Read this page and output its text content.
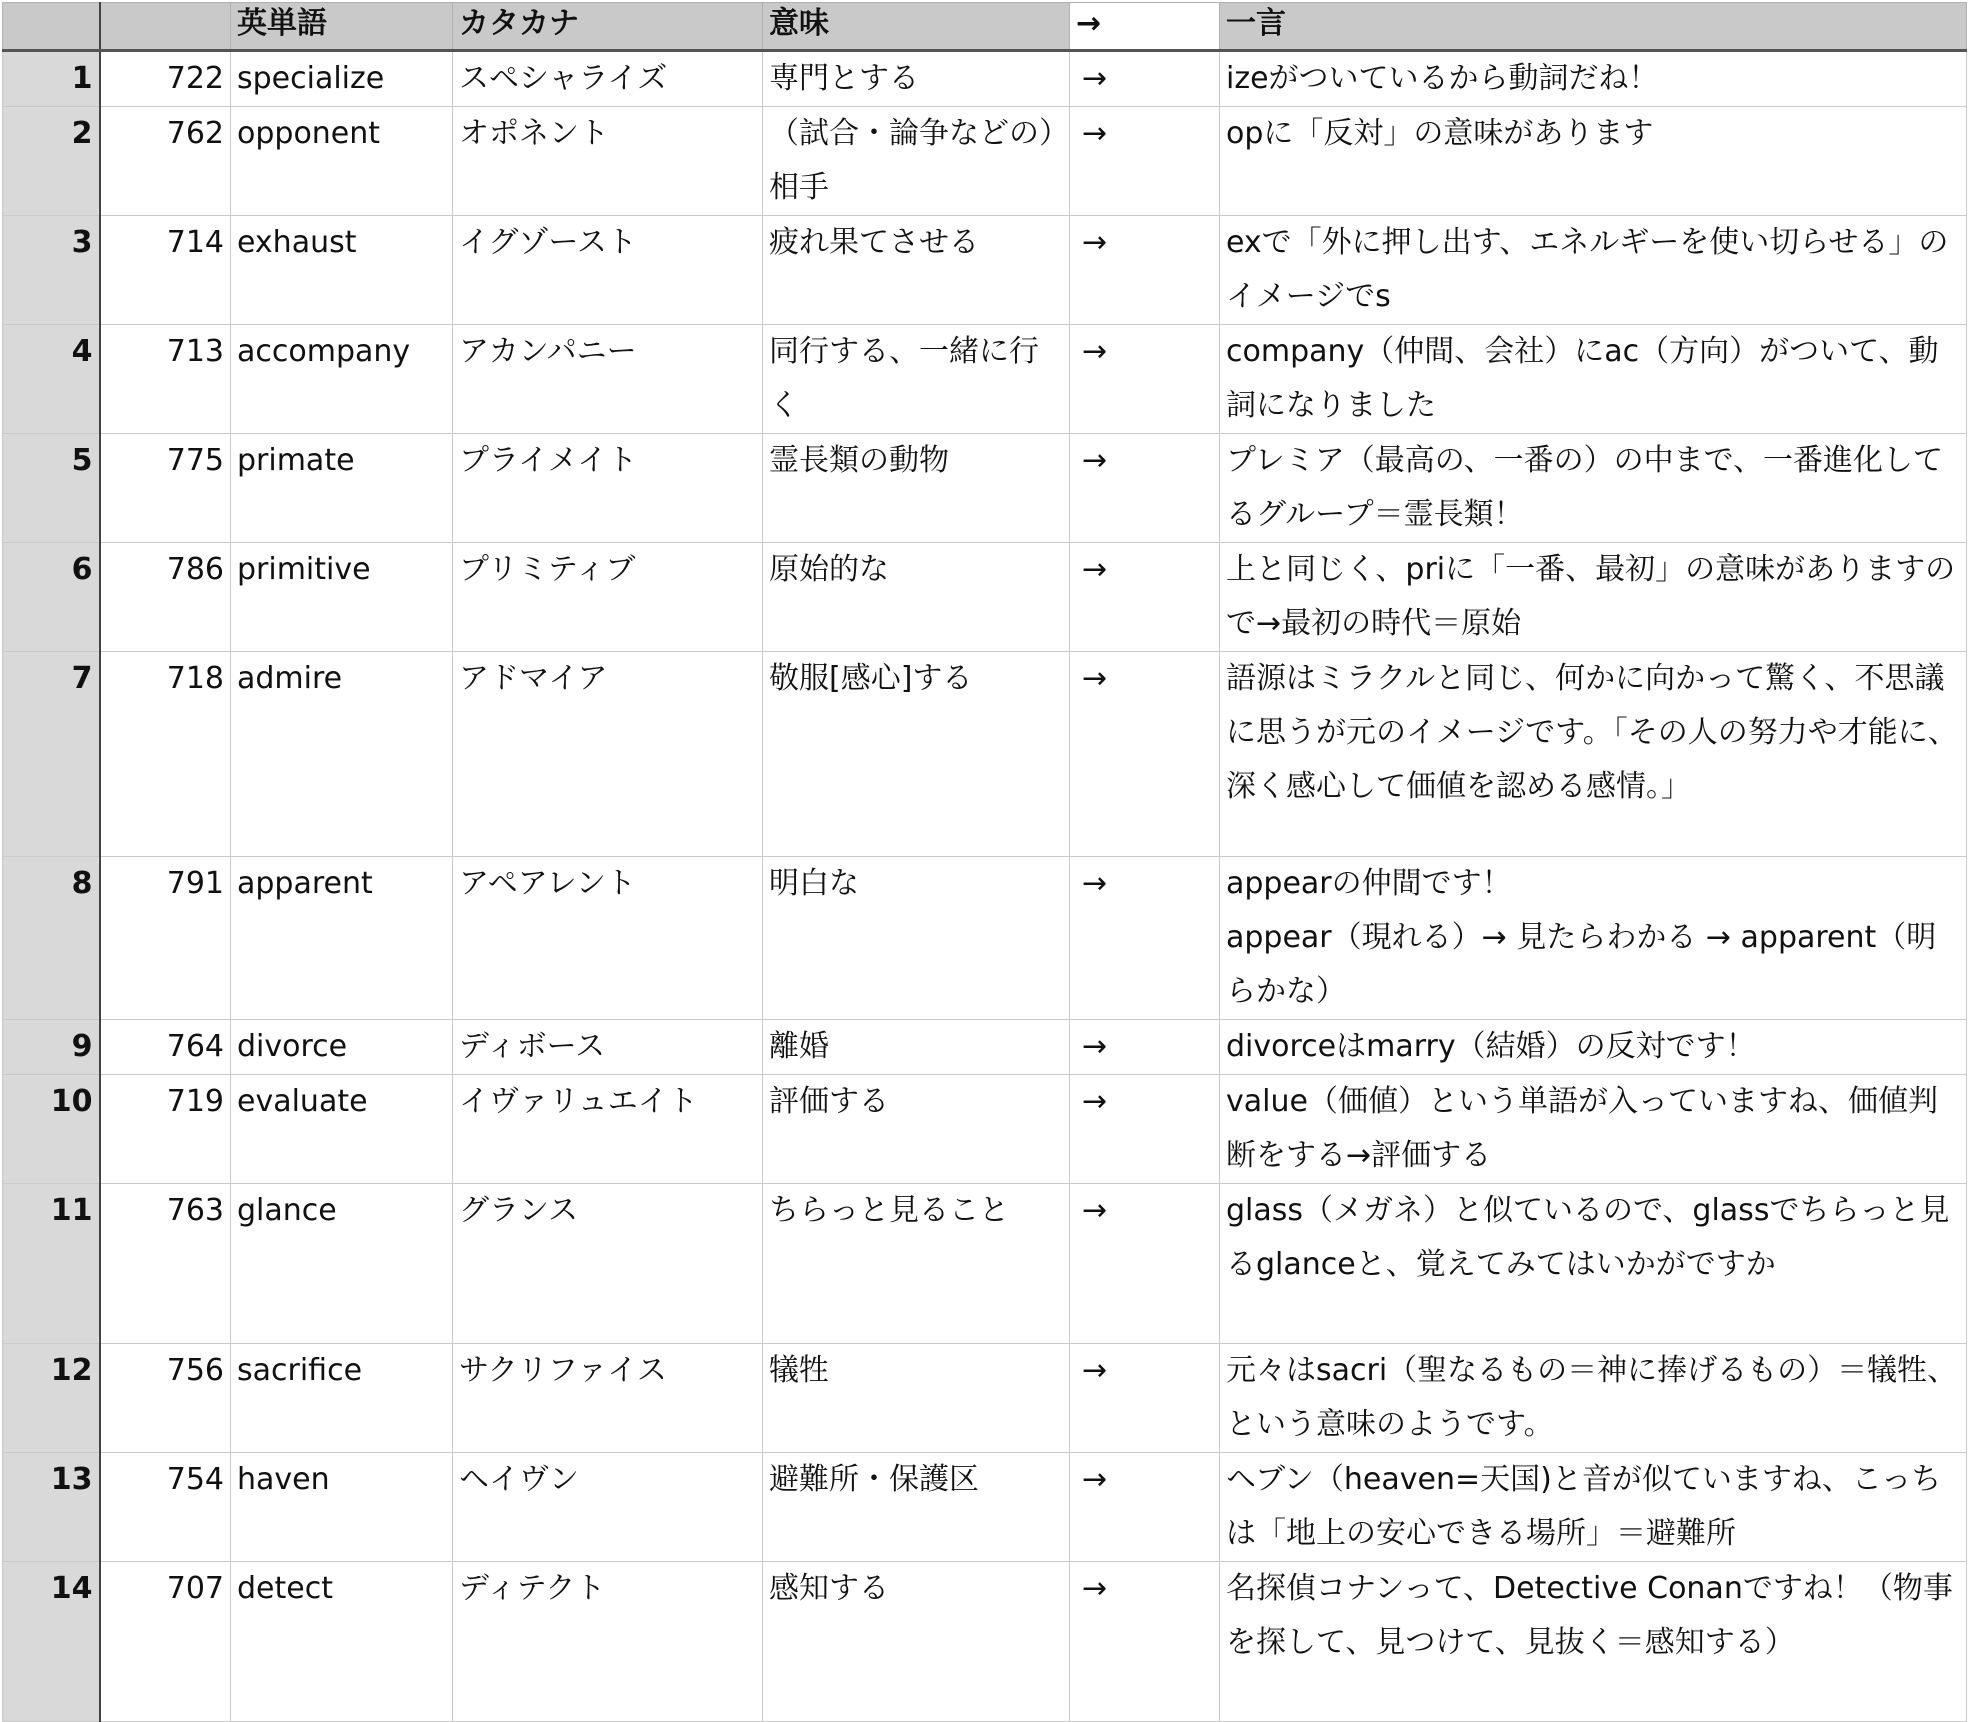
		英単語	カタカナ	意味	→	一言
1	722	specialize	スペシャライズ	専門とする	→	izeがついているから動詞だね！
2	762	opponent	オポネント	（試合・論争などの）相手	→	opに「反対」の意味があります
3	714	exhaust	イグゾースト	疲れ果てさせる	→	exで「外に押し出す、エネルギーを使い切らせる」のイメージでs
4	713	accompany	アカンパニー	同行する、一緒に行く	→	company（仲間、会社）にac（方向）がついて、動詞になりました
5	775	primate	プライメイト	霊長類の動物	→	プレミア（最高の、一番の）の中まで、一番進化してるグループ＝霊長類！
6	786	primitive	プリミティブ	原始的な	→	上と同じく、priに「一番、最初」の意味がありますので→最初の時代＝原始
7	718	admire	アドマイア	敬服[感心]する	→	語源はミラクルと同じ、何かに向かって驚く、不思議に思うが元のイメージです。「その人の努力や才能に、深く感心して価値を認める感情。」
8	791	apparent	アペアレント	明白な	→	appearの仲間です！
appear（現れる）→ 見たらわかる → apparent（明らかな）

9	764	divorce	ディボース	離婚	→	divorceはmarry（結婚）の反対です！
10	719	evaluate	イヴァリュエイト	評価する	→	value（価値）という単語が入っていますね、価値判断をする→評価する
11	763	glance	グランス	ちらっと見ること	→	glass（メガネ）と似ているので、glassでちらっと見るglanceと、覚えてみてはいかがですか
12	756	sacrifice	サクリファイス	犠牲	→	元々はsacri（聖なるもの＝神に捧げるもの）＝犠牲、という意味のようです。
13	754	haven	ヘイヴン	避難所・保護区	→	ヘブン（heaven=天国)と音が似ていますね、こっちは「地上の安心できる場所」＝避難所
14	707	detect	ディテクト	感知する	→	名探偵コナンって、Detective Conanですね！（物事を探して、見つけて、見抜く＝感知する）
